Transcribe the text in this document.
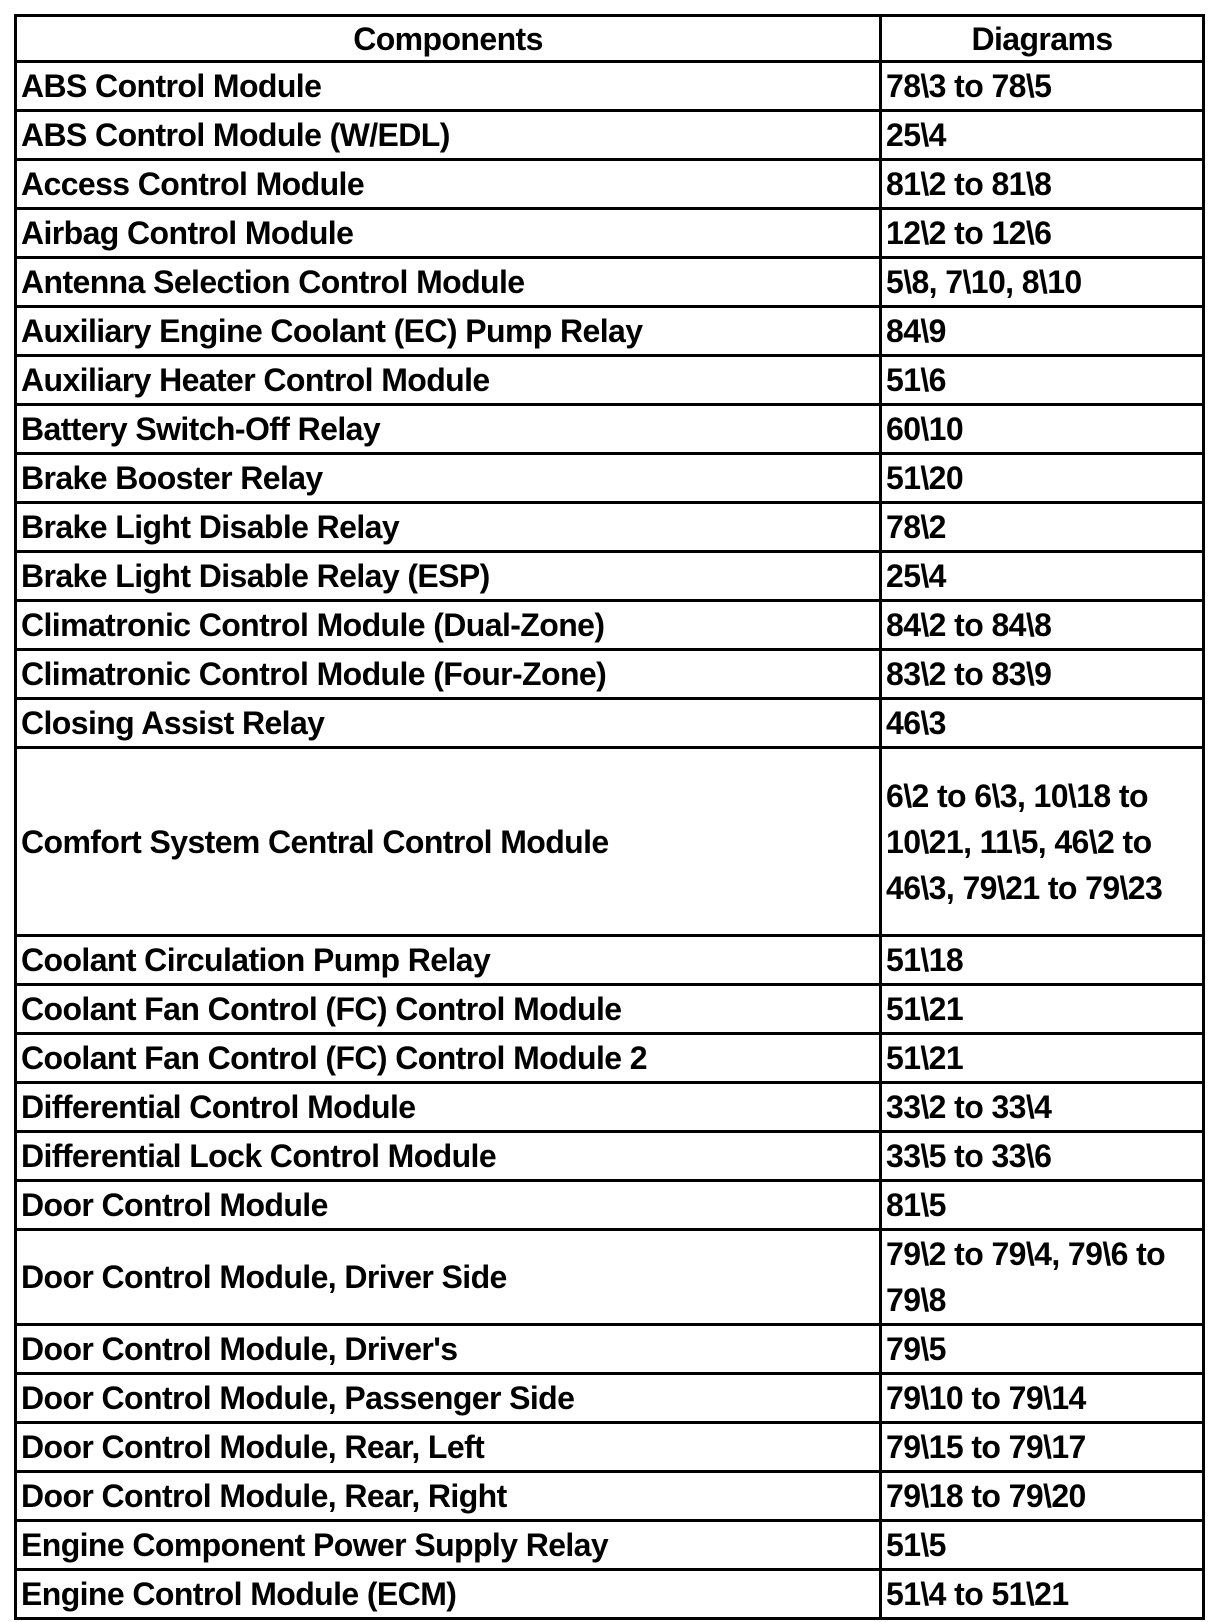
Components	Diagrams
ABS Control Module	78\3 to 78\5
ABS Control Module (W/EDL)	25\4
Access Control Module	81\2 to 81\8
Airbag Control Module	12\2 to 12\6
Antenna Selection Control Module	5\8, 7\10, 8\10
Auxiliary Engine Coolant (EC) Pump Relay	84\9
Auxiliary Heater Control Module	51\6
Battery Switch-Off Relay	60\10
Brake Booster Relay	51\20
Brake Light Disable Relay	78\2
Brake Light Disable Relay (ESP)	25\4
Climatronic Control Module (Dual-Zone)	84\2 to 84\8
Climatronic Control Module (Four-Zone)	83\2 to 83\9
Closing Assist Relay	46\3
Comfort System Central Control Module	6\2 to 6\3, 10\18 to 10\21, 11\5, 46\2 to 46\3, 79\21 to 79\23
Coolant Circulation Pump Relay	51\18
Coolant Fan Control (FC) Control Module	51\21
Coolant Fan Control (FC) Control Module 2	51\21
Differential Control Module	33\2 to 33\4
Differential Lock Control Module	33\5 to 33\6
Door Control Module	81\5
Door Control Module, Driver Side	79\2 to 79\4, 79\6 to 79\8
Door Control Module, Driver's	79\5
Door Control Module, Passenger Side	79\10 to 79\14
Door Control Module, Rear, Left	79\15 to 79\17
Door Control Module, Rear, Right	79\18 to 79\20
Engine Component Power Supply Relay	51\5
Engine Control Module (ECM)	51\4 to 51\21
